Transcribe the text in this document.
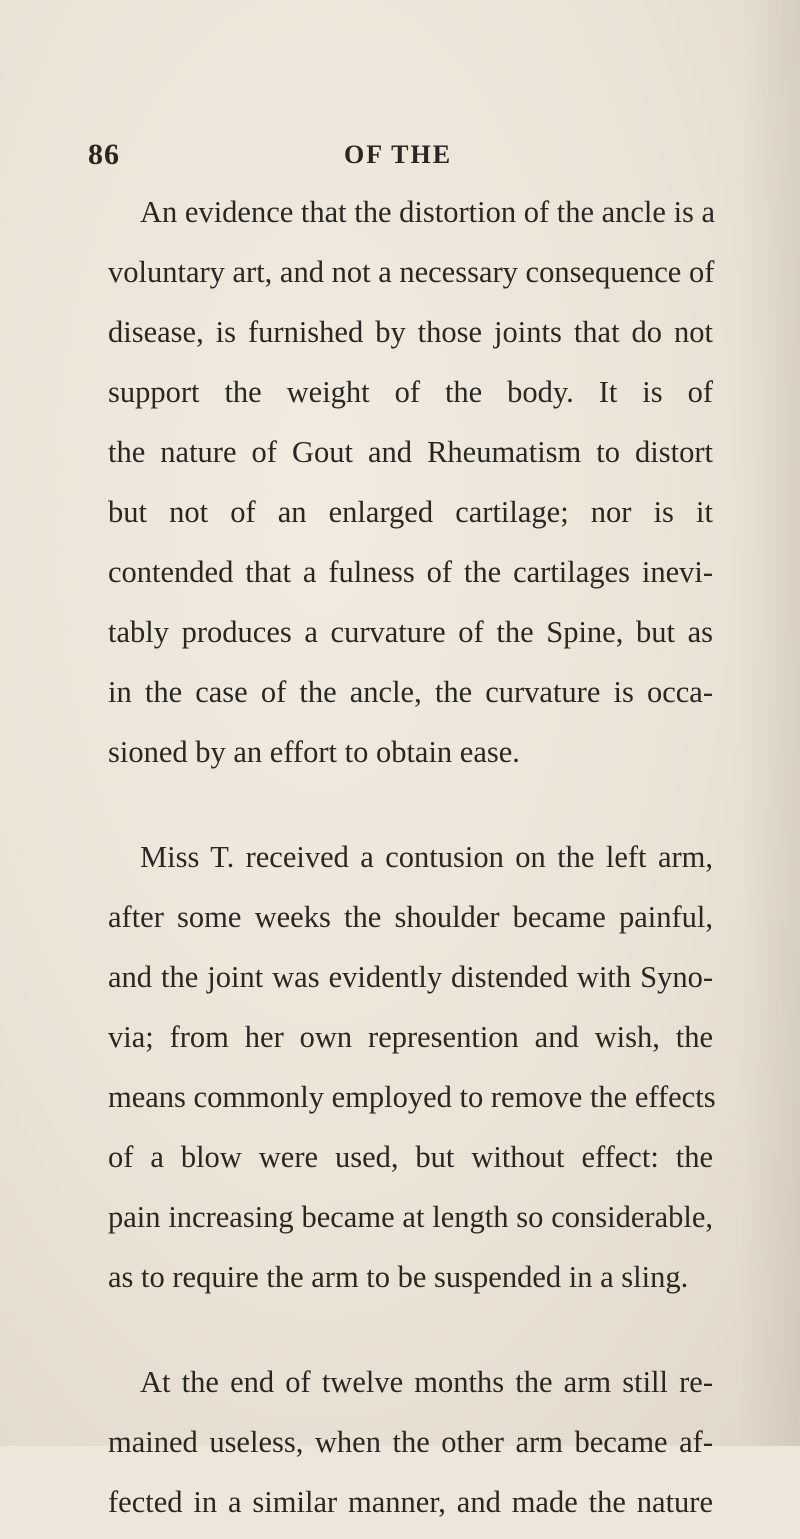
86	OF THE
An evidence that the distortion of the ancle is a
voluntary art, and not a necessary consequence of
disease, is furnished by those joints that do not
support the weight of the body. It is of
the nature of Gout and Rheumatism to distort
but not of an enlarged cartilage; nor is it
contended that a fulness of the cartilages inevi-
tably produces a curvature of the Spine, but as
in the case of the ancle, the curvature is occa-
sioned by an effort to obtain ease.
Miss T. received a contusion on the left arm,
after some weeks the shoulder became painful,
and the joint was evidently distended with Syno-
via; from her own represention and wish, the
means commonly employed to remove the effects
of a blow were used, but without effect: the
pain increasing became at length so considerable,
as to require the arm to be suspended in a sling.
At the end of twelve months the arm still re-
mained useless, when the other arm became af-
fected in a similar manner, and made the nature
